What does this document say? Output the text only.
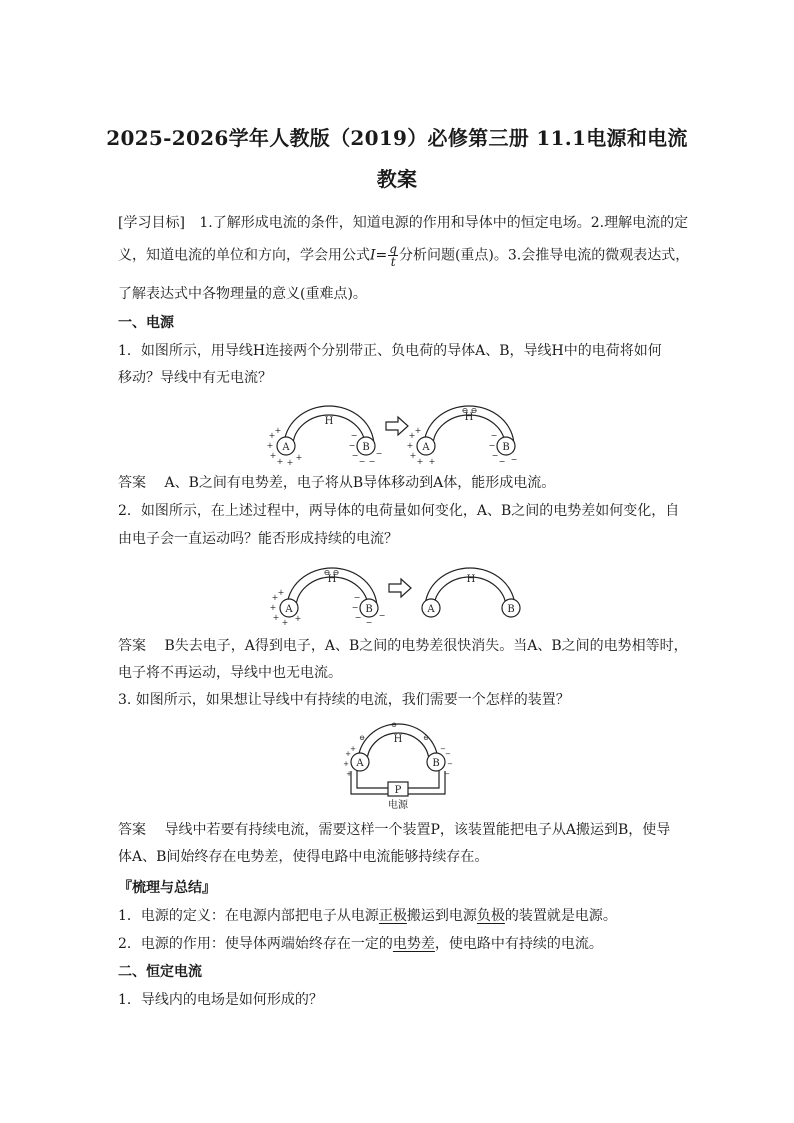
2025-2026学年人教版（2019）必修第三册 11.1电源和电流
教案
[学习目标] 1.了解形成电流的条件，知道电源的作用和导体中的恒定电场。2.理解电流的定
义，知道电流的单位和方向，学会用公式$I= \frac{q}{t}$ 分析问题(重点)。3.会推导电流的微观表达式，
了解表达式中各物理量的意义(重难点)。
一、电源
1．如图所示，用导线H连接两个分别带正、负电荷的导体A、B，导线H中的电荷将如何
移动？导线中有无电流？
A	B
H
A	B
H
+
+
+
+ +
+
+
−
−
−
− −
−
+
+
+
+ +
+
−
−
−
− −
⊖ ⊖
答案 A、B之间有电势差，电子将从B导体移动到A体，能形成电流。
2．如图所示，在上述过程中，两导体的电荷量如何变化，A、B之间的电势差如何变化，自
由电子会一直运动吗？能否形成持续的电流？
A	B
H
A	B
H
+
+
+
+ +
+
−
−
−
−
−
⊖ ⊖
答案 B失去电子，A得到电子，A、B之间的电势差很快消失。当A、B之间的电势相等时，
电子将不再运动，导线中也无电流。
3. 如图所示，如果想让导线中有持续的电流，我们需要一个怎样的装置？
A	B
H
P
电源
+
+
+
+
−
−
−
−
⊖
⊖
⊖
答案 导线中若要有持续电流，需要这样一个装置P，该装置能把电子从A搬运到B，使导
体A、B间始终存在电势差，使得电路中电流能够持续存在。
『梳理与总结』
1．电源的定义：在电源内部把电子从电源正极搬运到电源负极的装置就是电源。
2．电源的作用：使导体两端始终存在一定的电势差，使电路中有持续的电流。
二、恒定电流
1．导线内的电场是如何形成的？
